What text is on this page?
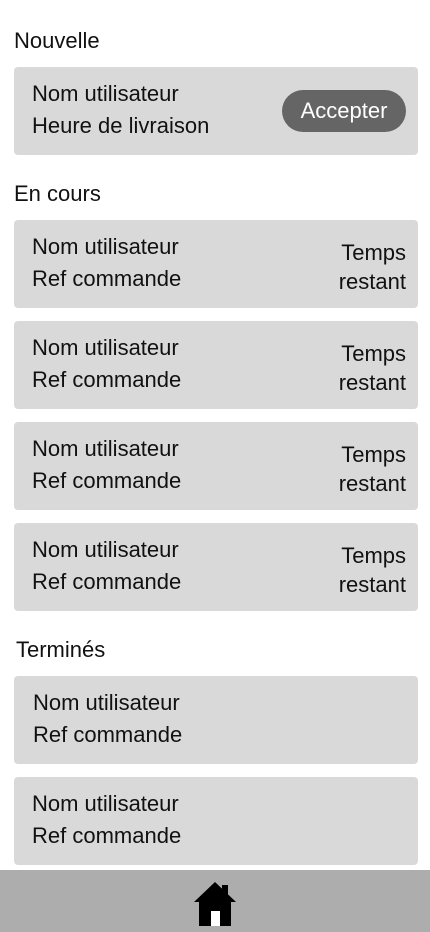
Nouvelle
Nom utilisateur
Heure de livraison
Accepter
En cours
Nom utilisateur
Ref commande
Temps
restant
Nom utilisateur
Ref commande
Temps
restant
Nom utilisateur
Ref commande
Temps
restant
Nom utilisateur
Ref commande
Temps
restant
Terminés
Nom utilisateur
Ref commande
Nom utilisateur
Ref commande
